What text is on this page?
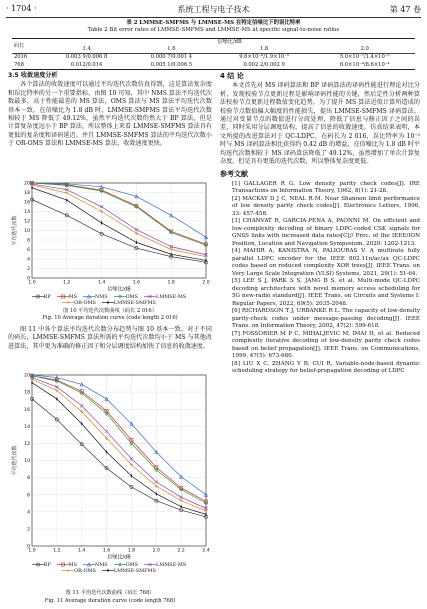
· 1704 ·	系统工程与电子技术	第 47 卷
表 2 LMMSE-SMFMS 与 LMMSE-MS 在特定信噪比下的误比特率
Table 2 Bit error rates of LMMSE-SMFMS and LMMSE-MS at specific signal-to-noise ratios
码长	信噪比/dB			
	1.4	1.6	1.8	2.0
2016	0.003 9/0.006 8	0.000 7/0.001 4	9.6×10⁻⁶/1.9×10⁻⁵	5.0×10⁻⁷/1.4×10⁻⁵
768	0.012/0.014	0.005 1/0.006 5	0.002 2/0.002 9	6.0×10⁻⁴/8.6×10⁻⁴
3.5 收敛速度分析

各个算法的收敛速度可以通过平均迭代次数仿真得到，这是算法复杂度和误比特率的另一个重要指标。由图 10 可知，其中 NMS 算法平均迭代次数最多，高于性能最差的 MS 算法，OMS 算法与 MS 算法平均迭代次数基本一致。在信噪比为 1.8 dB 时，LMMSE-SMFMS 算法平均迭代次数相较于 MS 降低了 49.12%，虽然平均迭代次数仍然大于 BP 算法，但是计算复杂度远小于 BP 算法，所以整体上来看 LMMSE-SMFMS 算法具有更低的复杂度和译码延迟。并且 LMMSE-SMFMS 算法的平均迭代次数小于 OR-OMS 算法和 LMMSE-MS 算法，收敛速度更快。

1.0	1.2	1.4	1.6	1.8	2.0
0
2
4
6
8
10
12
14
16
18
20
信噪比/dB
平均迭代次数
BP	MS	NMS	OMS	LMMSE-MS
OR-OMS	LMMSE-SMFMS
图 10 平均迭代次数曲线（码长 2 016）
Fig. 10 Average iteration curve (code length 2 016)

图 11 中各个算法平均迭代次数分布趋势与图 10 基本一致，对于不同的码长，LMMSE-SMFMS 算法所需的平均迭代次数均小于 MS 与其他改进算法，其中更为准确的修正因子和分层调度结构加快了信息的收敛速度。

1.0	1.2	1.4	1.6	1.8	2.0	2.2	2.4
0
2
4
6
8
10
12
14
16
18
20
信噪比/dB
平均迭代次数
BP	MS	NMS	OMS	LMMSE-MS
OR-OMS	LMMSE-SMFMS
图 11 平均迭代次数曲线（码长 768）
Fig. 11 Average iteration curve (code length 768)
4 结 论

本文首先对 MS 译码算法和 BP 译码算法的译码性能进行理论对比分析，发现校验节点更新过程是影响译码性能的关键，然后定性分析两种算法校验节点更新过程数值变化趋势，为了提升 MS 算法近似计算所造成的校验节点数值偏大幅度的性能损失，提出 LMMSE-SMFMS 译码算法。通过对变量节点的数值进行分段处理，降低了信息与修正因子之间的误差，同时采用分层调度结构，提高了信息的收敛速度。仿真结果表明，本文所提的改进算法对于 QC-LDPC，在码长为 2 016，误比特率为 10⁻⁵ 时与 MS 译码算法相比获得约 0.42 dB 的增益，在信噪比为 1.8 dB 时平均迭代次数相较于 MS 译码算法降低了 49.12%，虽然增加了单次计算复杂度，但是具有更低的迭代次数，所以整体复杂度更低。

参考文献

[1] GALLAGER R G. Low density parity check codes[J]. IRE Transactions on Information Theory, 1962, 8(1): 21-28.

[2] MACKAY D J C, NEAL R M. Near Shannon limit performance of low density parity check codes[J]. Electronics Letters, 1996, 33: 457-458.

[3] CHANVAT R, GARCIA-PENA A, PAONNI M. On efficient and low-complexity decoding of binary LDPC-coded CSK signals for GNSS links with increased data rates[C]// Proc. of the IEEE/ION Position, Location and Navigation Symposium, 2020: 1202-1213.

[4] MAHIR A, KANISTRA N, PALIOURAS V. A multirate fully parallel LDPC encoder for the IEEE 802.11n/ac/ax QC-LDPC codes based on reduced complexity XOR trees[J]. IEEE Trans. on Very Large Scale Integration (VLSI) Systems, 2021, 29(1): 51-64.

[5] LEE S J, PARK S S, JANG B S, et al. Multi-mode QC-LDPC decoding architecture with novel memory access scheduling for 5G new-radio standard[J]. IEEE Trans. on Circuits and Systems I: Regular Papers, 2022, 69(5): 2035-2048.

[6] RICHARDSON T J, URBANKE R L. The capacity of low-density parity-check codes under message-passing decoding[J]. IEEE Trans. on Information Theory, 2002, 47(2): 599-618.

[7] FOSSORIER M P C, MIHALJEVIC M, IMAI H, et al. Reduced complexity iterative decoding of low-density parity check codes based on belief propagation[J]. IEEE Trans. on Communications, 1999, 47(5): 673-680.

[8] LIU X C, ZHANG Y B, CUI R. Variable-node-based dynamic scheduling strategy for belief-propagation decoding of LDPC
